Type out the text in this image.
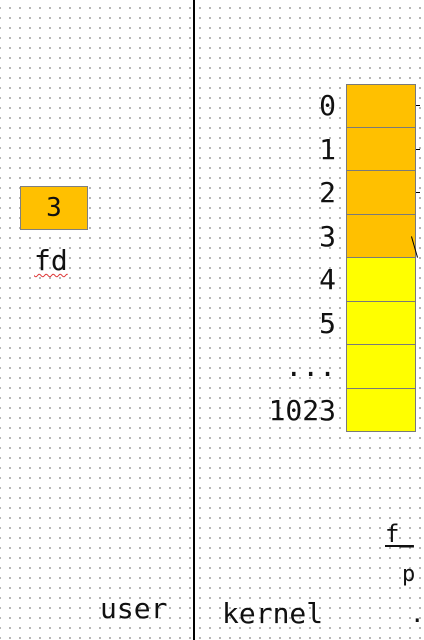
3
fd
0
1
2
3
4
5
...
1023
f_
p
.
user kernel
